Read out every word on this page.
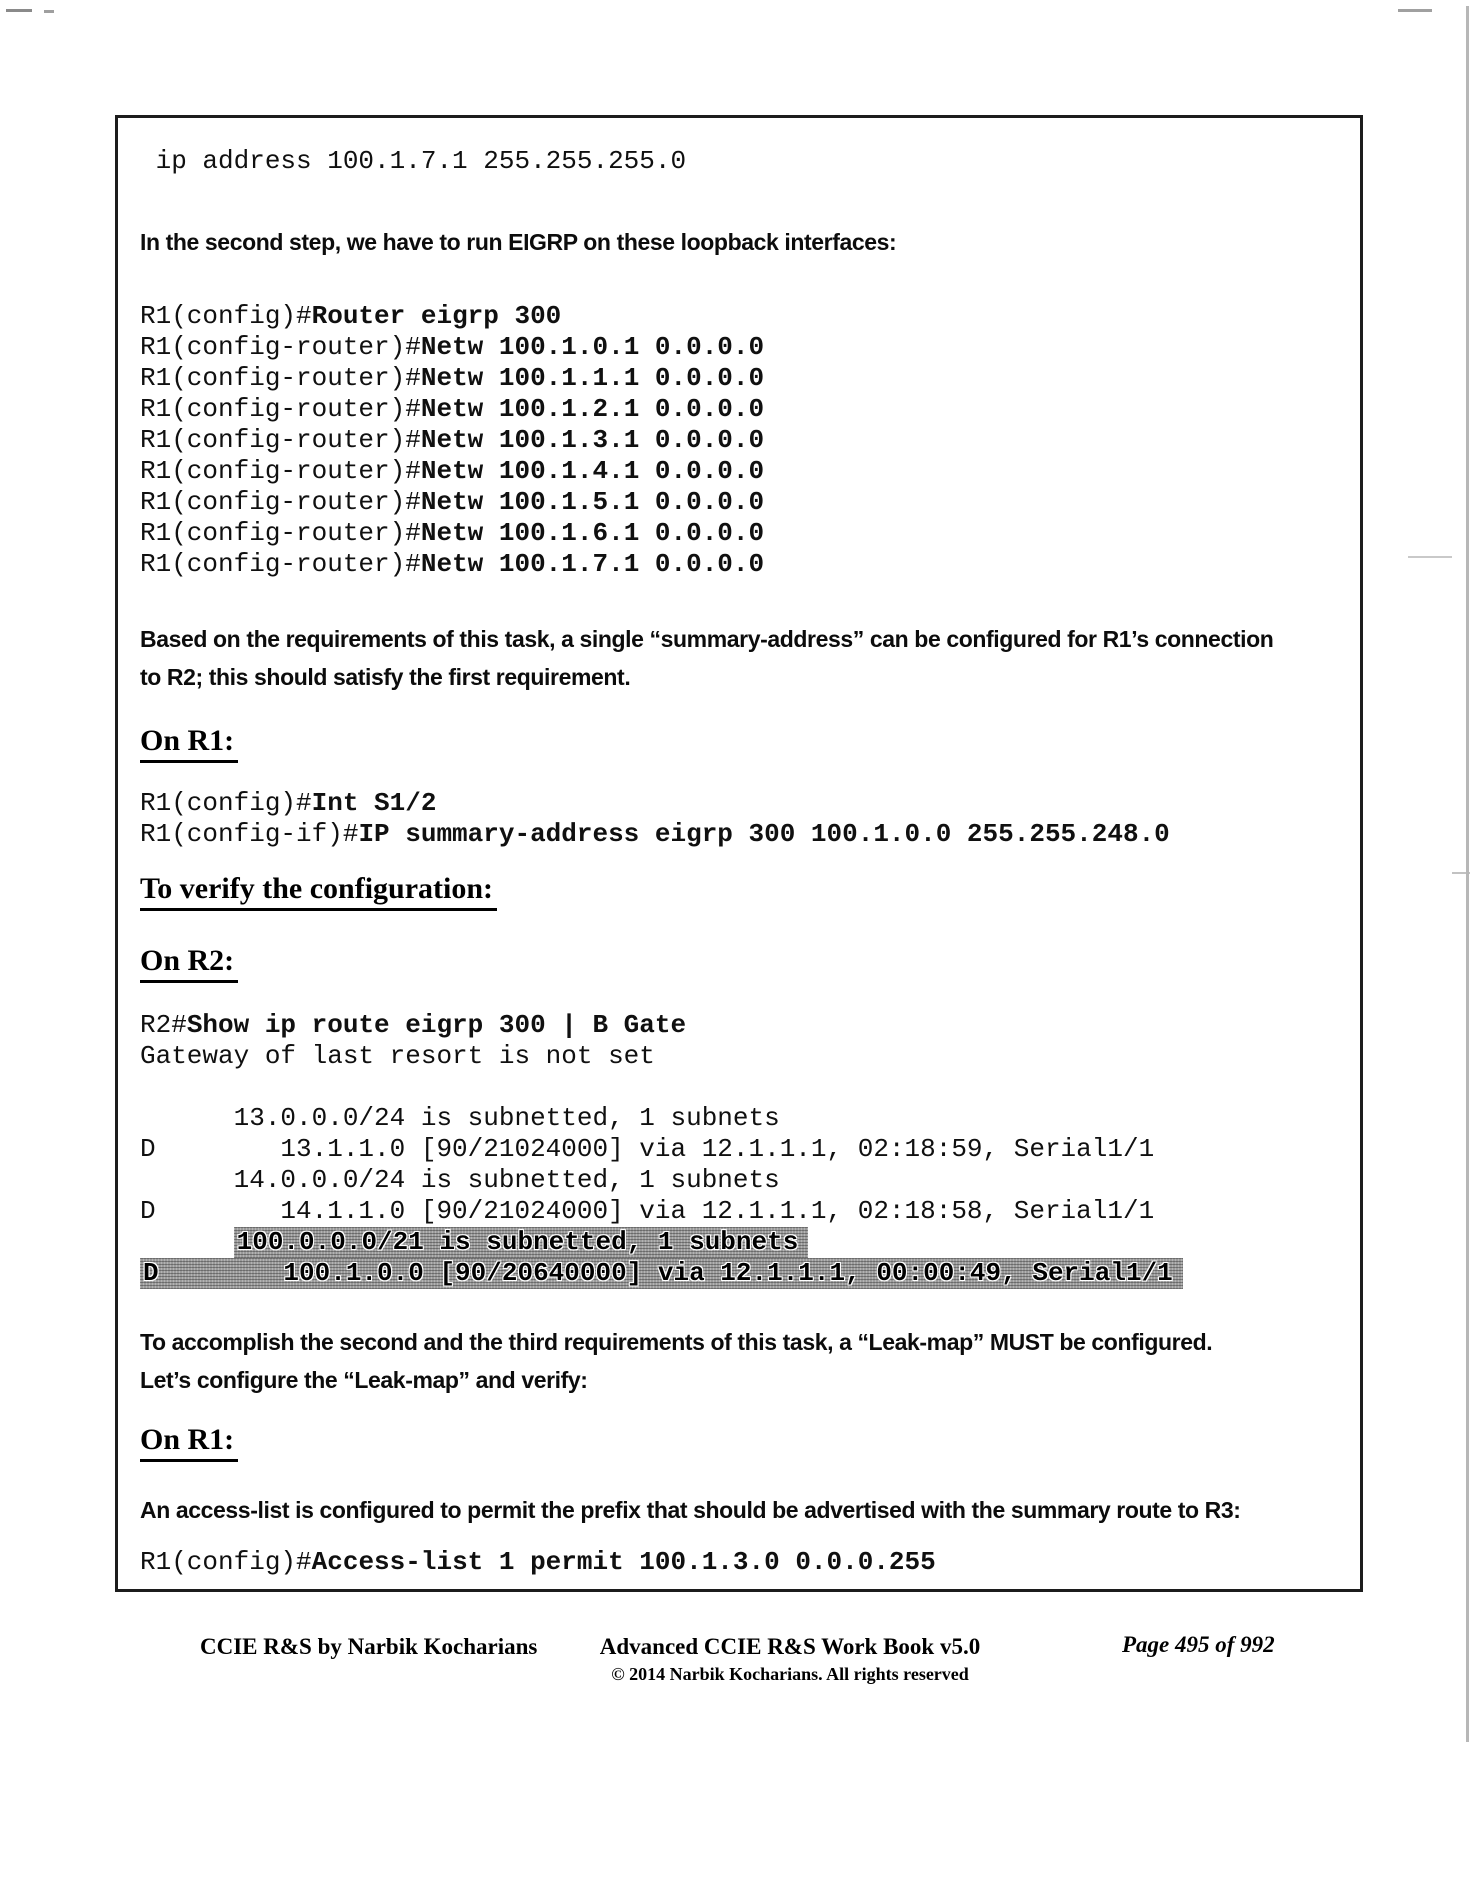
ip address 100.1.7.1 255.255.255.0
In the second step, we have to run EIGRP on these loopback interfaces:
R1(config)#Router eigrp 300
R1(config-router)#Netw 100.1.0.1 0.0.0.0
R1(config-router)#Netw 100.1.1.1 0.0.0.0
R1(config-router)#Netw 100.1.2.1 0.0.0.0
R1(config-router)#Netw 100.1.3.1 0.0.0.0
R1(config-router)#Netw 100.1.4.1 0.0.0.0
R1(config-router)#Netw 100.1.5.1 0.0.0.0
R1(config-router)#Netw 100.1.6.1 0.0.0.0
R1(config-router)#Netw 100.1.7.1 0.0.0.0
Based on the requirements of this task, a single “summary-address” can be configured for R1’s connection
to R2; this should satisfy the first requirement.
On R1:
R1(config)#Int S1/2
R1(config-if)#IP summary-address eigrp 300 100.1.0.0 255.255.248.0
To verify the configuration:
On R2:
R2#Show ip route eigrp 300 | B Gate
Gateway of last resort is not set
13.0.0.0/24 is subnetted, 1 subnets
D        13.1.1.0 [90/21024000] via 12.1.1.1, 02:18:59, Serial1/1
14.0.0.0/24 is subnetted, 1 subnets
D        14.1.1.0 [90/21024000] via 12.1.1.1, 02:18:58, Serial1/1
100.0.0.0/21 is subnetted, 1 subnets
D        100.1.0.0 [90/20640000] via 12.1.1.1, 00:00:49, Serial1/1
To accomplish the second and the third requirements of this task, a “Leak-map” MUST be configured.
Let’s configure the “Leak-map” and verify:
On R1:
An access-list is configured to permit the prefix that should be advertised with the summary route to R3:
R1(config)#Access-list 1 permit 100.1.3.0 0.0.0.255
CCIE R&S by Narbik Kocharians	Advanced CCIE R&S Work Book v5.0
© 2014 Narbik Kocharians. All rights reserved
Page 495 of 992
